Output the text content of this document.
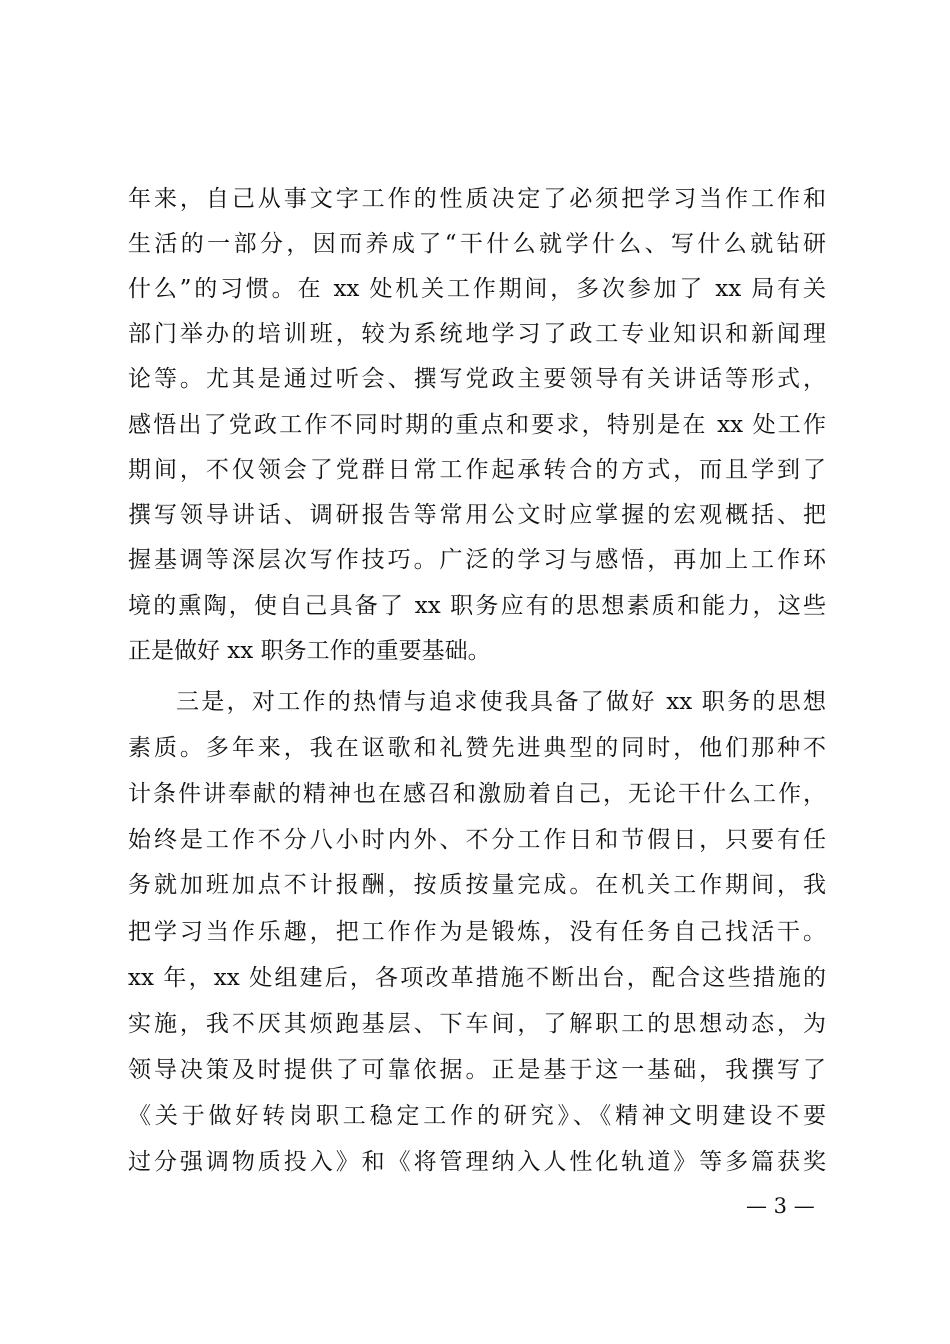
年来，自己从事文字工作的性质决定了必须把学习当作工作和
生活的一部分，因而养成了“干什么就学什么、写什么就钻研
什么”的习惯。在 xx 处机关工作期间，多次参加了 xx 局有关
部门举办的培训班，较为系统地学习了政工专业知识和新闻理
论等。尤其是通过听会、撰写党政主要领导有关讲话等形式，
感悟出了党政工作不同时期的重点和要求，特别是在 xx 处工作
期间，不仅领会了党群日常工作起承转合的方式，而且学到了
撰写领导讲话、调研报告等常用公文时应掌握的宏观概括、把
握基调等深层次写作技巧。广泛的学习与感悟，再加上工作环
境的熏陶，使自己具备了 xx 职务应有的思想素质和能力，这些
正是做好 xx 职务工作的重要基础。
三是，对工作的热情与追求使我具备了做好 xx 职务的思想
素质。多年来，我在讴歌和礼赞先进典型的同时，他们那种不
计条件讲奉献的精神也在感召和激励着自己，无论干什么工作，
始终是工作不分八小时内外、不分工作日和节假日，只要有任
务就加班加点不计报酬，按质按量完成。在机关工作期间，我
把学习当作乐趣，把工作作为是锻炼，没有任务自己找活干。
xx 年，xx 处组建后，各项改革措施不断出台，配合这些措施的
实施，我不厌其烦跑基层、下车间，了解职工的思想动态，为
领导决策及时提供了可靠依据。正是基于这一基础，我撰写了
《关于做好转岗职工稳定工作的研究》、《精神文明建设不要
过分强调物质投入》和《将管理纳入人性化轨道》等多篇获奖
— 3 —
